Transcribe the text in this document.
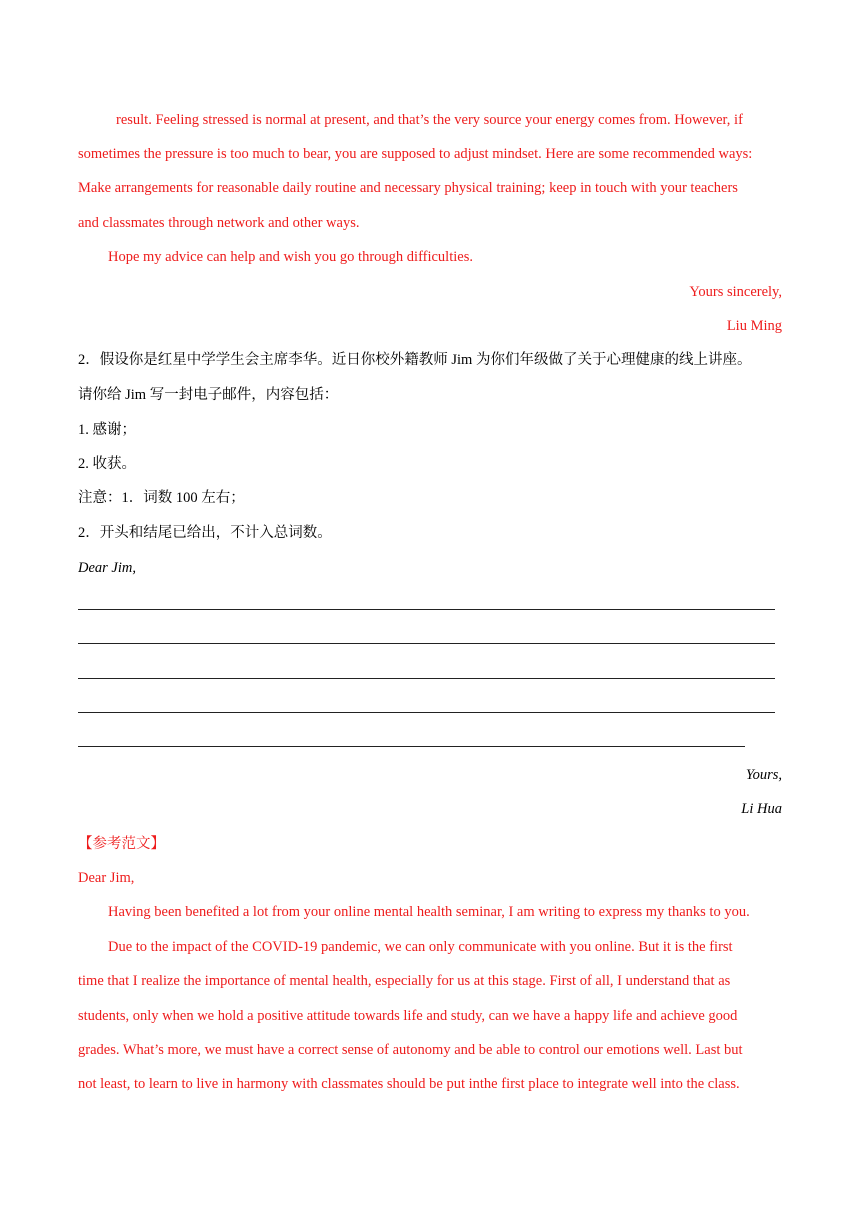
result. Feeling stressed is normal at present, and that’s the very source your energy comes from. However, if
sometimes the pressure is too much to bear, you are supposed to adjust mindset. Here are some recommended ways:
Make arrangements for reasonable daily routine and necessary physical training; keep in touch with your teachers
and classmates through network and other ways.
Hope my advice can help and wish you go through difficulties.
Yours sincerely,
Liu Ming
2．假设你是红星中学学生会主席李华。近日你校外籍教师 Jim 为你们年级做了关于心理健康的线上讲座。
请你给 Jim 写一封电子邮件，内容包括：
1. 感谢；
2. 收获。
注意：1．词数 100 左右；
2．开头和结尾已给出，不计入总词数。
Dear Jim,
Yours,
Li Hua
【参考范文】
Dear Jim,
Having been benefited a lot from your online mental health seminar, I am writing to express my thanks to you.
Due to the impact of the COVID-19 pandemic, we can only communicate with you online. But it is the first
time that I realize the importance of mental health, especially for us at this stage. First of all, I understand that as
students, only when we hold a positive attitude towards life and study, can we have a happy life and achieve good
grades. What’s more, we must have a correct sense of autonomy and be able to control our emotions well. Last but
not least, to learn to live in harmony with classmates should be put inthe first place to integrate well into the class.
